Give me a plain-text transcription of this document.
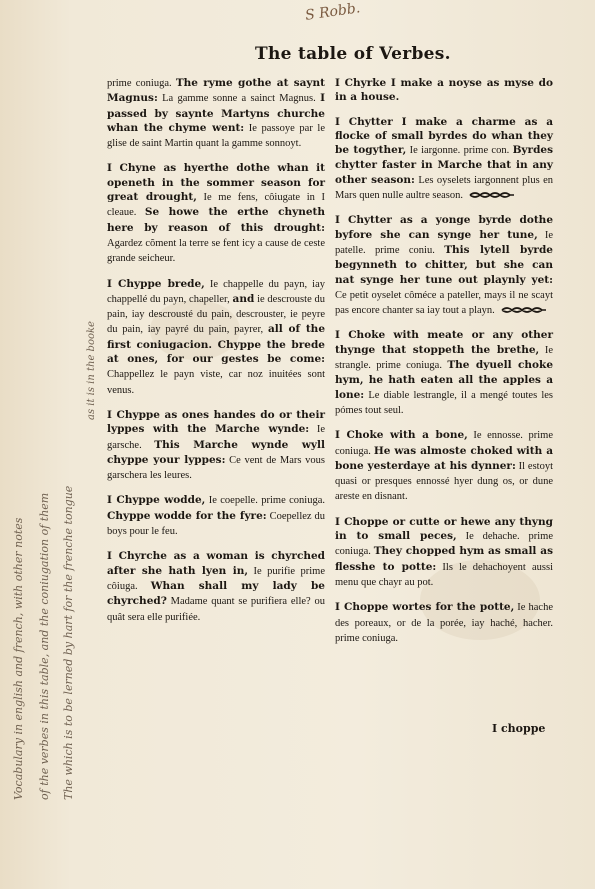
S Robb.
Vocabulary in english and french, with other notes of the verbes in this table, and the coniugation of them The which is to be lerned by hart for the frenche tongue
as it is in the booke
The table of Verbes.

prime coniuga. The ryme gothe at saynt Magnus: La gamme sonne a sainct Magnus. I passed by saynte Martyns churche whan the chyme went: Ie passoye par le glise de saint Martin quant la gamme sonnoyt.

I Chyne as hyerthe dothe whan it openeth in the sommer season for great drought, Ie me fens, côiugate in I cleaue. Se howe the erthe chyneth here by reason of this drought: Agardez cõment la terre se fent icy a cause de ceste grande seicheur.

I Chyppe brede, Ie chappelle du payn, iay chappellé du payn, chapeller, and ie descrouste du pain, iay descrousté du pain, descrouster, ie peyre du pain, iay payré du pain, payrer, all of the first coniugacion. Chyppe the brede at ones, for our gestes be come: Chappellez le payn viste, car noz inuitées sont venus.

I Chyppe as ones handes do or their lyppes with the Marche wynde: Ie garsche. This Marche wynde wyll chyppe your lyppes: Ce vent de Mars vous garschera les leures.

I Chyppe wodde, Ie coepelle. prime coniuga. Chyppe wodde for the fyre: Coepellez du boys pour le feu.

I Chyrche as a woman is chyrched after she hath lyen in, Ie purifie prime côiuga. Whan shall my lady be chyrched? Madame quant se purifiera elle? ou quât sera elle purifiée.

I Chyrke I make a noyse as myse do in a house.

I Chytter I make a charme as a flocke of small byrdes do whan they be togyther, Ie iargonne. prime con. Byrdes chytter faster in Marche that in any other season: Les oyselets iargonnent plus en Mars quen nulle aultre season.

I Chytter as a yonge byrde dothe byfore she can synge her tune, Ie patelle. prime coniu. This lytell byrde begynneth to chitter, but she can nat synge her tune out playnly yet: Ce petit oyselet côméce a pateller, mays il ne scayt pas encore chanter sa iay tout a playn.

I Choke with meate or any other thynge that stoppeth the brethe, Ie strangle. prime coniuga. The dyuell choke hym, he hath eaten all the apples a lone: Le diable lestrangle, il a mengé toutes les pómes tout seul.

I Choke with a bone, Ie ennosse. prime coniuga. He was almoste choked with a bone yesterdaye at his dynner: Il estoyt quasi or presques ennossé hyer dung os, or dune areste en disnant.

I Choppe or cutte or hewe any thyng in to small peces, Ie dehache. prime coniuga. They chopped hym as small as flesshe to potte: Ils le dehachoyent aussi menu que chayr au pot.

I Choppe wortes for the potte, Ie hache des poreaux, or de la porée, iay haché, hacher. prime coniuga.

I choppe
